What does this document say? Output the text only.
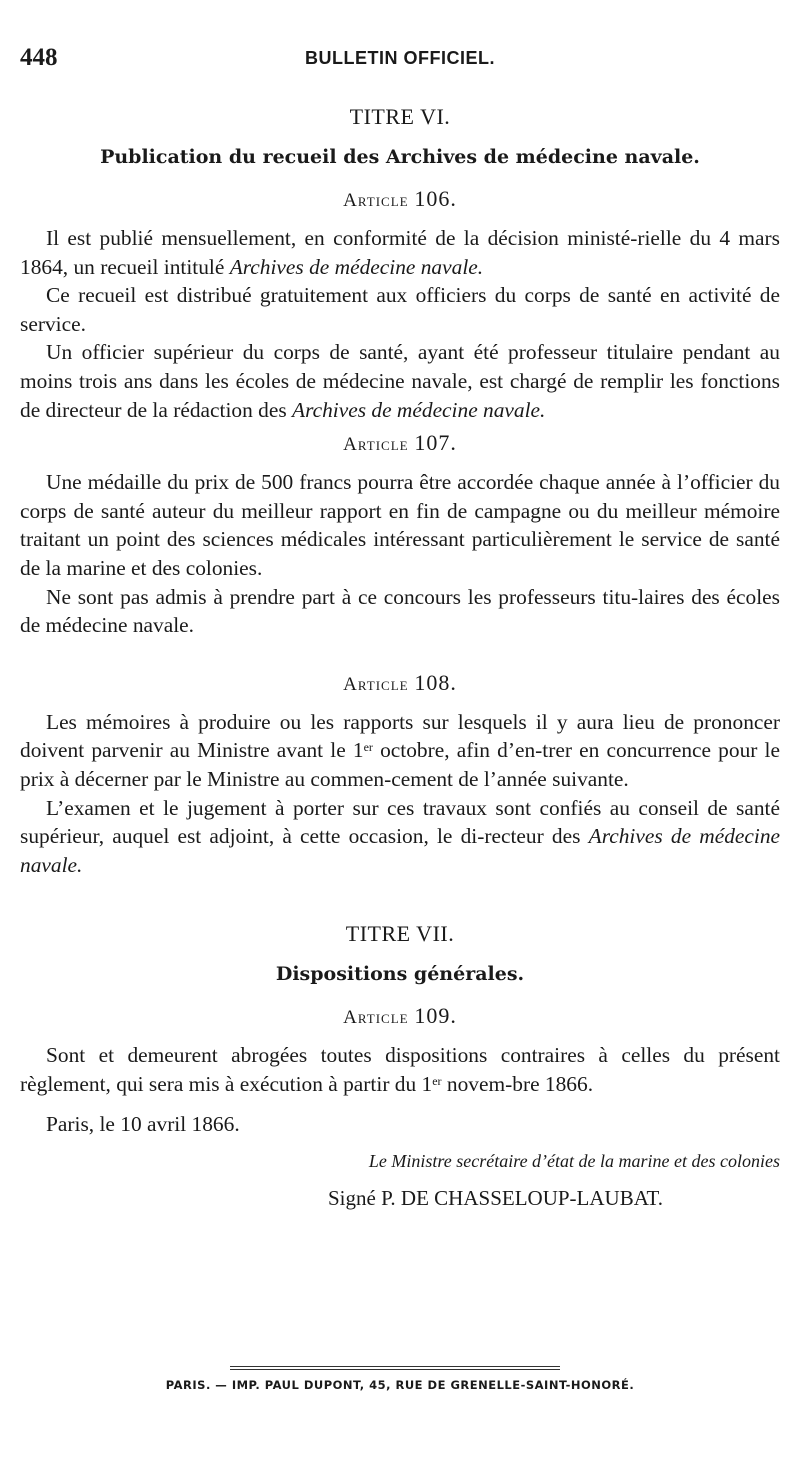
448	BULLETIN OFFICIEL.
TITRE VI.
Publication du recueil des Archives de médecine navale.
Article 106.

Il est publié mensuellement, en conformité de la décision ministé-rielle du 4 mars 1864, un recueil intitulé Archives de médecine navale.

Ce recueil est distribué gratuitement aux officiers du corps de santé en activité de service.

Un officier supérieur du corps de santé, ayant été professeur titulaire pendant au moins trois ans dans les écoles de médecine navale, est chargé de remplir les fonctions de directeur de la rédaction des Archives de médecine navale.

Article 107.

Une médaille du prix de 500 francs pourra être accordée chaque année à l’officier du corps de santé auteur du meilleur rapport en fin de campagne ou du meilleur mémoire traitant un point des sciences médicales intéressant particulièrement le service de santé de la marine et des colonies.

Ne sont pas admis à prendre part à ce concours les professeurs titu-laires des écoles de médecine navale.

Article 108.

Les mémoires à produire ou les rapports sur lesquels il y aura lieu de prononcer doivent parvenir au Ministre avant le 1er octobre, afin d’en-trer en concurrence pour le prix à décerner par le Ministre au commen-cement de l’année suivante.

L’examen et le jugement à porter sur ces travaux sont confiés au conseil de santé supérieur, auquel est adjoint, à cette occasion, le di-recteur des Archives de médecine navale.

TITRE VII.
Dispositions générales.
Article 109.

Sont et demeurent abrogées toutes dispositions contraires à celles du présent règlement, qui sera mis à exécution à partir du 1er novem-bre 1866.

Paris, le 10 avril 1866.
Le Ministre secrétaire d’état de la marine et des colonies
Signé P. DE CHASSELOUP-LAUBAT.
PARIS. — IMP. PAUL DUPONT, 45, RUE DE GRENELLE-SAINT-HONORÉ.
